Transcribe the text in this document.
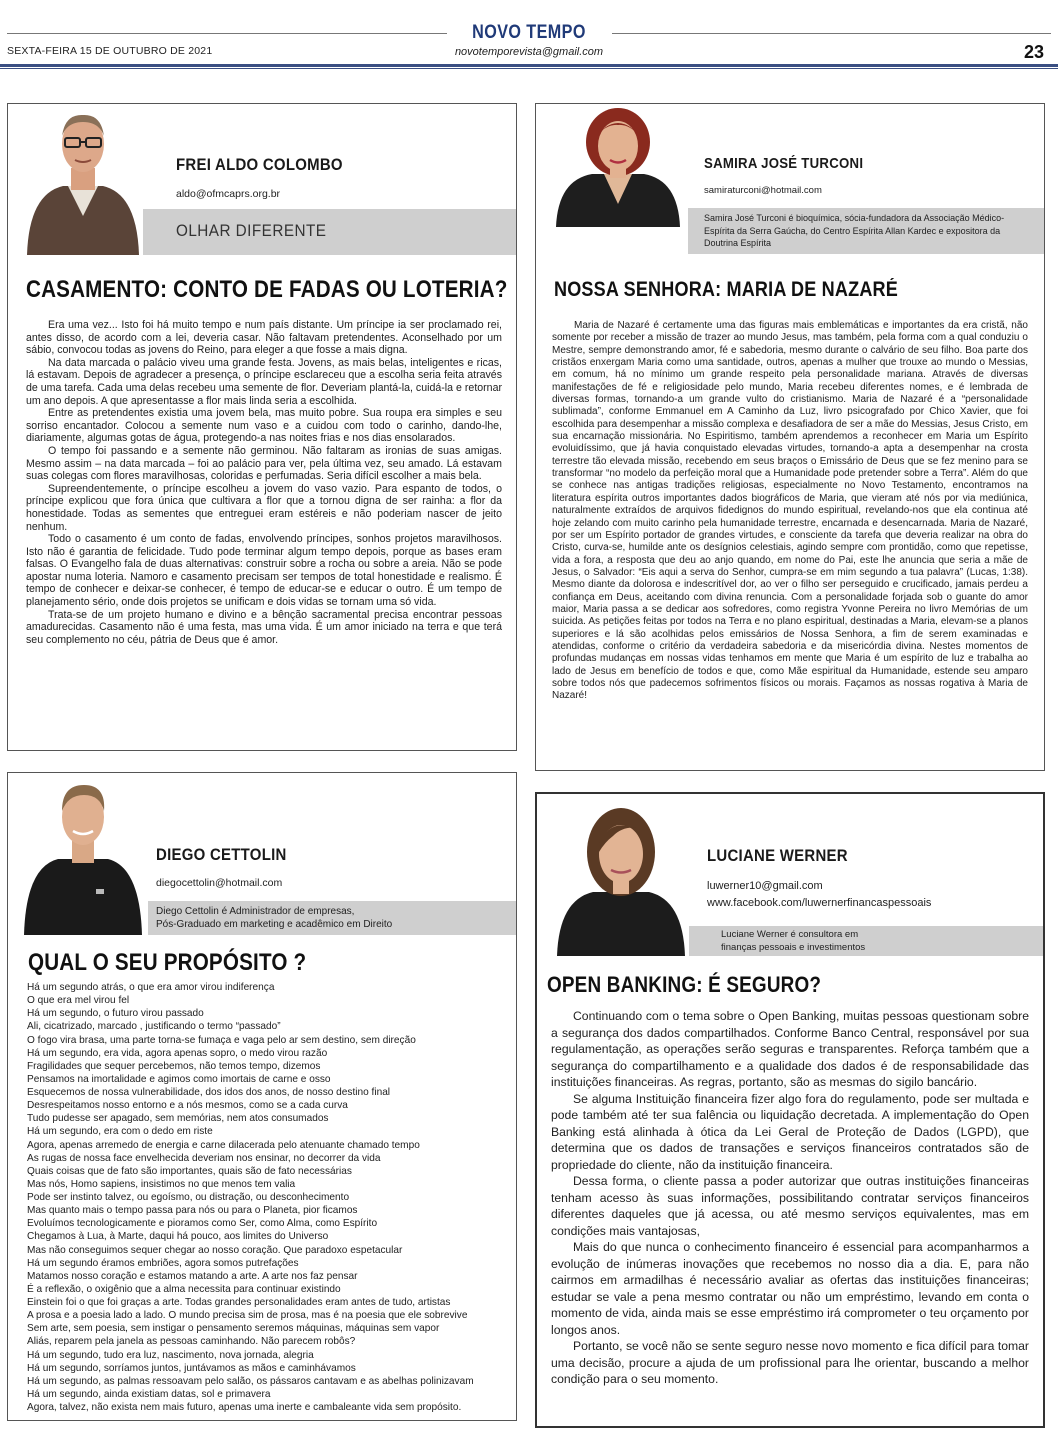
NOVO TEMPO
SEXTA-FEIRA 15 DE OUTUBRO DE 2021	novotemporevista@gmail.com	23
FREI ALDO COLOMBO
aldo@ofmcaprs.org.br
OLHAR DIFERENTE
CASAMENTO: CONTO DE FADAS OU LOTERIA?

Era uma vez... Isto foi há muito tempo e num país distante. Um príncipe ia ser proclamado rei, antes disso, de acordo com a lei, deveria casar. Não faltavam pretendentes. Aconselhado por um sábio, convocou todas as jovens do Reino, para eleger a que fosse a mais digna.

Na data marcada o palácio viveu uma grande festa. Jovens, as mais belas, inteligentes e ricas, lá estavam. Depois de agradecer a presença, o príncipe esclareceu que a escolha seria feita através de uma tarefa. Cada uma delas recebeu uma semente de flor. Deveriam plantá-la, cuidá-la e retornar um ano depois. A que apresentasse a flor mais linda seria a escolhida.

Entre as pretendentes existia uma jovem bela, mas muito pobre. Sua roupa era simples e seu sorriso encantador. Colocou a semente num vaso e a cuidou com todo o carinho, dando-lhe, diariamente, algumas gotas de água, protegendo-a nas noites frias e nos dias ensolarados.

O tempo foi passando e a semente não germinou. Não faltaram as ironias de suas amigas. Mesmo assim – na data marcada – foi ao palácio para ver, pela última vez, seu amado. Lá estavam suas colegas com flores maravilhosas, coloridas e perfumadas. Seria difícil escolher a mais bela.

Supreendentemente, o príncipe escolheu a jovem do vaso vazio. Para espanto de todos, o príncipe explicou que fora única que cultivara a flor que a tornou digna de ser rainha: a flor da honestidade. Todas as sementes que entreguei eram estéreis e não poderiam nascer de jeito nenhum.

Todo o casamento é um conto de fadas, envolvendo príncipes, sonhos projetos maravilhosos. Isto não é garantia de felicidade. Tudo pode terminar algum tempo depois, porque as bases eram falsas. O Evangelho fala de duas alternativas: construir sobre a rocha ou sobre a areia. Não se pode apostar numa loteria. Namoro e casamento precisam ser tempos de total honestidade e realismo. É tempo de conhecer e deixar-se conhecer, é tempo de educar-se e educar o outro. É um tempo de planejamento sério, onde dois projetos se unificam e dois vidas se tornam uma só vida.

Trata-se de um projeto humano e divino e a bênção sacramental precisa encontrar pessoas amadurecidas. Casamento não é uma festa, mas uma vida. É um amor iniciado na terra e que terá seu complemento no céu, pátria de Deus que é amor.

SAMIRA JOSÉ TURCONI
samiraturconi@hotmail.com
Samira José Turconi é bioquímica, sócia-fundadora da Associação Médico-Espírita da Serra Gaúcha, do Centro Espírita Allan Kardec e expositora da Doutrina Espírita
NOSSA SENHORA: MARIA DE NAZARÉ

Maria de Nazaré é certamente uma das figuras mais emblemáticas e importantes da era cristã, não somente por receber a missão de trazer ao mundo Jesus, mas também, pela forma com a qual conduziu o Mestre, sempre demonstrando amor, fé e sabedoria, mesmo durante o calvário de seu filho. Boa parte dos cristãos enxergam Maria como uma santidade, outros, apenas a mulher que trouxe ao mundo o Messias, em comum, há no mínimo um grande respeito pela personalidade mariana. Através de diversas manifestações de fé e religiosidade pelo mundo, Maria recebeu diferentes nomes, e é lembrada de diversas formas, tornando-a um grande vulto do cristianismo. Maria de Nazaré é a “personalidade sublimada”, conforme Emmanuel em A Caminho da Luz, livro psicografado por Chico Xavier, que foi escolhida para desempenhar a missão complexa e desafiadora de ser a mãe do Messias, Jesus Cristo, em sua encarnação missionária. No Espiritismo, também aprendemos a reconhecer em Maria um Espírito evoluidíssimo, que já havia conquistado elevadas virtudes, tornando-a apta a desempenhar na crosta terrestre tão elevada missão, recebendo em seus braços o Emissário de Deus que se fez menino para se transformar “no modelo da perfeição moral que a Humanidade pode pretender sobre a Terra”. Além do que se conhece nas antigas tradições religiosas, especialmente no Novo Testamento, encontramos na literatura espírita outros importantes dados biográficos de Maria, que vieram até nós por via mediúnica, naturalmente extraídos de arquivos fidedignos do mundo espiritual, revelando-nos que ela continua até hoje zelando com muito carinho pela humanidade terrestre, encarnada e desencarnada. Maria de Nazaré, por ser um Espírito portador de grandes virtudes, e consciente da tarefa que deveria realizar na obra do Cristo, curva-se, humilde ante os desígnios celestiais, agindo sempre com prontidão, como que repetisse, vida a fora, a resposta que deu ao anjo quando, em nome do Pai, este lhe anuncia que seria a mãe de Jesus, o Salvador: “Eis aqui a serva do Senhor, cumpra-se em mim segundo a tua palavra” (Lucas, 1:38). Mesmo diante da dolorosa e indescritível dor, ao ver o filho ser perseguido e crucificado, jamais perdeu a confiança em Deus, aceitando com divina renuncia. Com a personalidade forjada sob o guante do amor maior, Maria passa a se dedicar aos sofredores, como registra Yvonne Pereira no livro Memórias de um suicida. As petições feitas por todos na Terra e no plano espiritual, destinadas a Maria, elevam-se a planos superiores e lá são acolhidas pelos emissários de Nossa Senhora, a fim de serem examinadas e atendidas, conforme o critério da verdadeira sabedoria e da misericórdia divina. Nestes momentos de profundas mudanças em nossas vidas tenhamos em mente que Maria é um espírito de luz e trabalha ao lado de Jesus em benefício de todos e que, como Mãe espiritual da Humanidade, estende seu amparo sobre todos nós que padecemos sofrimentos físicos ou morais. Façamos as nossas rogativa à Maria de Nazaré!

DIEGO CETTOLIN
diegocettolin@hotmail.com
Diego Cettolin é Administrador de empresas,
Pós-Graduado em marketing e acadêmico em Direito
QUAL O SEU PROPÓSITO ?
Há um segundo atrás, o que era amor virou indiferença
O que era mel virou fel
Há um segundo, o futuro virou passado
Ali, cicatrizado, marcado , justificando o termo “passado”
O fogo vira brasa, uma parte torna-se fumaça e vaga pelo ar sem destino, sem direção
Há um segundo, era vida, agora apenas sopro, o medo virou razão
Fragilidades que sequer percebemos, não temos tempo, dizemos
Pensamos na imortalidade e agimos como imortais de carne e osso
Esquecemos de nossa vulnerabilidade, dos idos dos anos, de nosso destino final
Desrespeitamos nosso entorno e a nós mesmos, como se a cada curva
Tudo pudesse ser apagado, sem memórias, nem atos consumados
Há um segundo, era com o dedo em riste
Agora, apenas arremedo de energia e carne dilacerada pelo atenuante chamado tempo
As rugas de nossa face envelhecida deveriam nos ensinar, no decorrer da vida
Quais coisas que de fato são importantes, quais são de fato necessárias
Mas nós, Homo sapiens, insistimos no que menos tem valia
Pode ser instinto talvez, ou egoísmo, ou distração, ou desconhecimento
Mas quanto mais o tempo passa para nós ou para o Planeta, pior ficamos
Evoluímos tecnologicamente e pioramos como Ser, como Alma, como Espírito
Chegamos à Lua, à Marte, daqui há pouco, aos limites do Universo
Mas não conseguimos sequer chegar ao nosso coração. Que paradoxo espetacular
Há um segundo éramos embriões, agora somos putrefações
Matamos nosso coração e estamos matando a arte. A arte nos faz pensar
É a reflexão, o oxigênio que a alma necessita para continuar existindo
Einstein foi o que foi graças a arte. Todas grandes personalidades eram antes de tudo, artistas
A prosa e a poesia lado a lado. O mundo precisa sim de prosa, mas é na poesia que ele sobrevive
Sem arte, sem poesia, sem instigar o pensamento seremos máquinas, máquinas sem vapor
Aliás, reparem pela janela as pessoas caminhando. Não parecem robôs?
Há um segundo, tudo era luz, nascimento, nova jornada, alegria
Há um segundo, sorríamos juntos, juntávamos as mãos e caminhávamos
Há um segundo, as palmas ressoavam pelo salão, os pássaros cantavam e as abelhas polinizavam
Há um segundo, ainda existiam datas, sol e primavera
Agora, talvez, não exista nem mais futuro, apenas uma inerte e cambaleante vida sem propósito.
LUCIANE WERNER
luwerner10@gmail.com
www.facebook.com/luwernerfinancaspessoais
Luciane Werner é consultora em
finanças pessoais e investimentos
OPEN BANKING: É SEGURO?

Continuando com o tema sobre o Open Banking, muitas pessoas questionam sobre a segurança dos dados compartilhados. Conforme Banco Central, responsável por sua regulamentação, as operações serão seguras e transparentes. Reforça também que a segurança do compartilhamento e a qualidade dos dados é de responsabilidade das instituições financeiras. As regras, portanto, são as mesmas do sigilo bancário.

Se alguma Instituição financeira fizer algo fora do regulamento, pode ser multada e pode também até ter sua falência ou liquidação decretada. A implementação do Open Banking está alinhada à ótica da Lei Geral de Proteção de Dados (LGPD), que determina que os dados de transações e serviços financeiros contratados são de propriedade do cliente, não da instituição financeira.

Dessa forma, o cliente passa a poder autorizar que outras instituições financeiras tenham acesso às suas informações, possibilitando contratar serviços financeiros diferentes daqueles que já acessa, ou até mesmo serviços equivalentes, mas em condições mais vantajosas,

Mais do que nunca o conhecimento financeiro é essencial para acompanharmos a evolução de inúmeras inovações que recebemos no nosso dia a dia. E, para não cairmos em armadilhas é necessário avaliar as ofertas das instituições financeiras; estudar se vale a pena mesmo contratar ou não um empréstimo, levando em conta o momento de vida, ainda mais se esse empréstimo irá comprometer o teu orçamento por longos anos.

Portanto, se você não se sente seguro nesse novo momento e fica difícil para tomar uma decisão, procure a ajuda de um profissional para lhe orientar, buscando a melhor condição para o seu momento.
